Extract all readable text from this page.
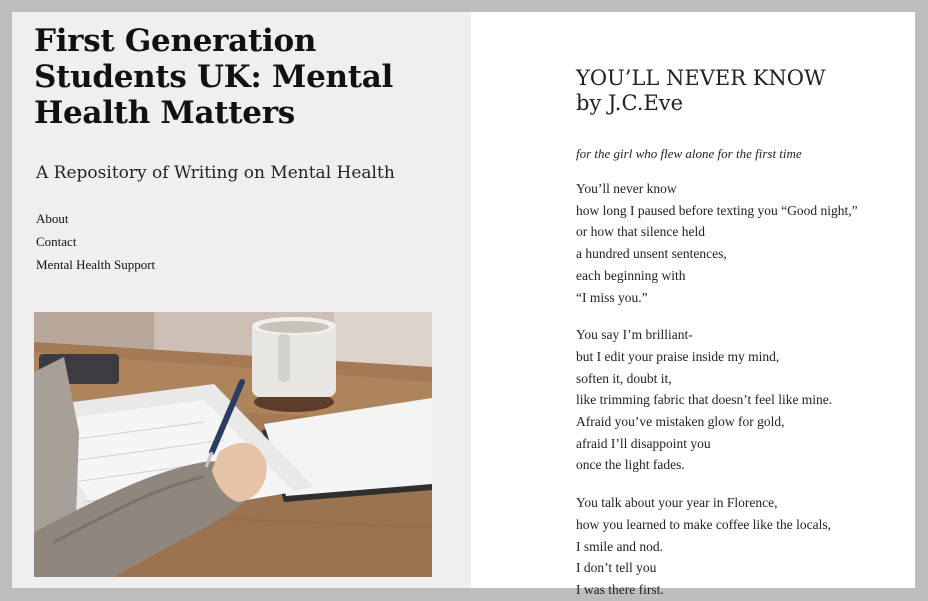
First Generation
Students UK: Mental
Health Matters

A Repository of Writing on Mental Health

About
Contact
Mental Health Support
YOU’LL NEVER KNOW
by J.C.Eve

for the girl who flew alone for the first time

You’ll never know
how long I paused before texting you “Good night,”
or how that silence held
a hundred unsent sentences,
each beginning with
“I miss you.”
You say I’m brilliant-
but I edit your praise inside my mind,
soften it, doubt it,
like trimming fabric that doesn’t feel like mine.
Afraid you’ve mistaken glow for gold,
afraid I’ll disappoint you
once the light fades.
You talk about your year in Florence,
how you learned to make coffee like the locals,
I smile and nod.
I don’t tell you
I was there first.
